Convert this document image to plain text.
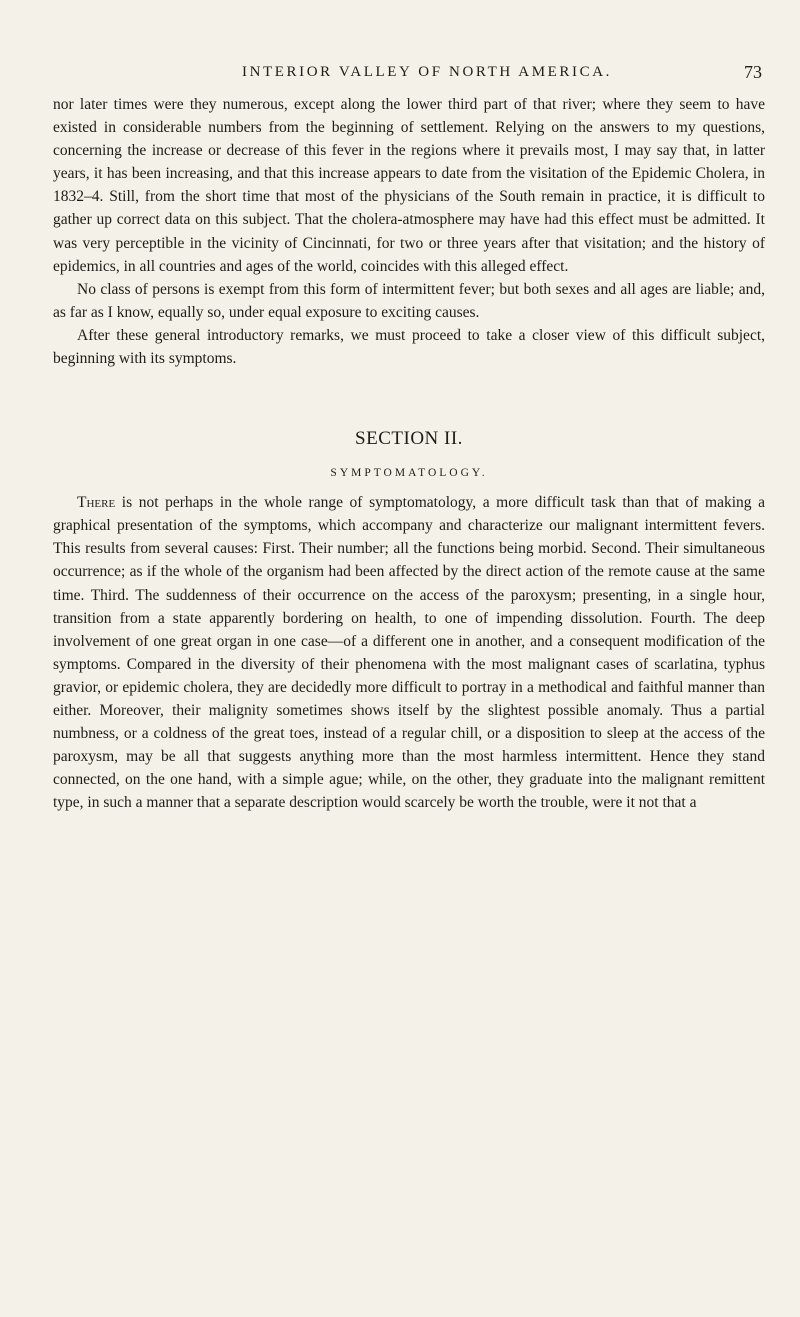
INTERIOR VALLEY OF NORTH AMERICA.	73

nor later times were they numerous, except along the lower third part of that river; where they seem to have existed in considerable numbers from the beginning of settlement. Relying on the answers to my questions, concerning the increase or decrease of this fever in the regions where it prevails most, I may say that, in latter years, it has been increasing, and that this increase appears to date from the visitation of the Epidemic Cholera, in 1832–4. Still, from the short time that most of the physicians of the South remain in practice, it is difficult to gather up correct data on this subject. That the cholera-atmosphere may have had this effect must be admitted. It was very perceptible in the vicinity of Cincinnati, for two or three years after that visitation; and the history of epidemics, in all countries and ages of the world, coincides with this alleged effect.

No class of persons is exempt from this form of intermittent fever; but both sexes and all ages are liable; and, as far as I know, equally so, under equal exposure to exciting causes.

After these general introductory remarks, we must proceed to take a closer view of this difficult subject, beginning with its symptoms.

SECTION II.
SYMPTOMATOLOGY.

There is not perhaps in the whole range of symptomatology, a more difficult task than that of making a graphical presentation of the symptoms, which accompany and characterize our malignant intermittent fevers. This results from several causes: First. Their number; all the functions being morbid. Second. Their simultaneous occurrence; as if the whole of the organism had been affected by the direct action of the remote cause at the same time. Third. The suddenness of their occurrence on the access of the paroxysm; presenting, in a single hour, transition from a state apparently bordering on health, to one of impending dissolution. Fourth. The deep involvement of one great organ in one case—of a different one in another, and a consequent modification of the symptoms. Compared in the diversity of their phenomena with the most malignant cases of scarlatina, typhus gravior, or epidemic cholera, they are decidedly more difficult to portray in a methodical and faithful manner than either. Moreover, their malignity sometimes shows itself by the slightest possible anomaly. Thus a partial numbness, or a coldness of the great toes, instead of a regular chill, or a disposition to sleep at the access of the paroxysm, may be all that suggests anything more than the most harmless intermittent. Hence they stand connected, on the one hand, with a simple ague; while, on the other, they graduate into the malignant remittent type, in such a manner that a separate description would scarcely be worth the trouble, were it not that a
